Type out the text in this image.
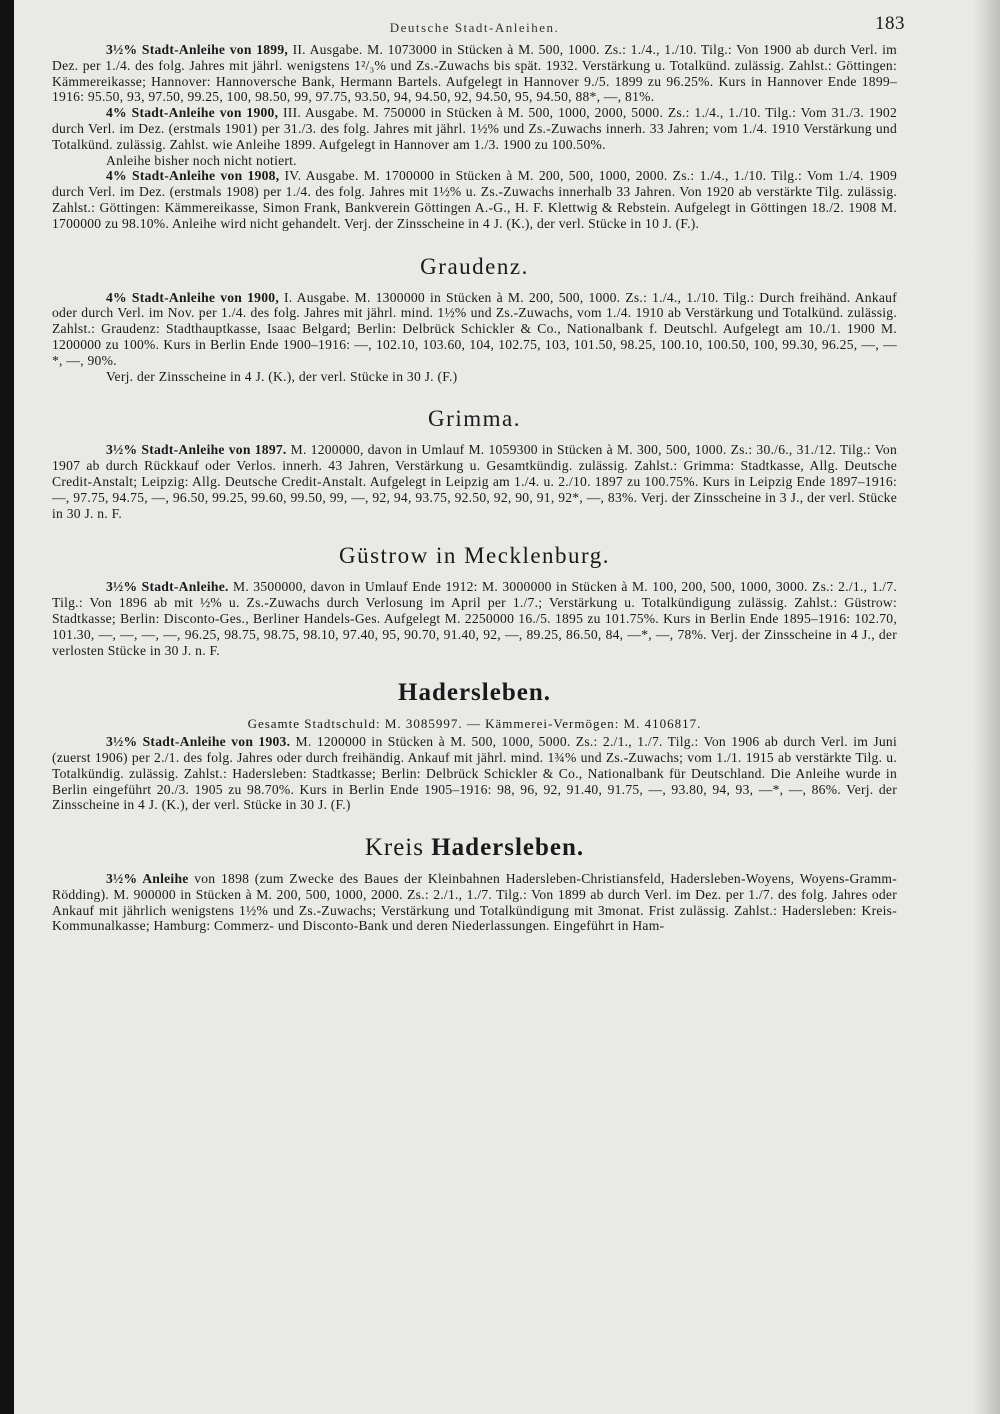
Deutsche Stadt-Anleihen.	183

3½% Stadt-Anleihe von 1899, II. Ausgabe. M. 1073000 in Stücken à M. 500, 1000. Zs.: 1./4., 1./10. Tilg.: Von 1900 ab durch Verl. im Dez. per 1./4. des folg. Jahres mit jährl. wenigstens 1²/₃% und Zs.-Zuwachs bis spät. 1932. Verstärkung u. Totalkünd. zulässig. Zahlst.: Göttingen: Kämmereikasse; Hannover: Hannoversche Bank, Hermann Bartels. Aufgelegt in Hannover 9./5. 1899 zu 96.25%. Kurs in Hannover Ende 1899–1916: 95.50, 93, 97.50, 99.25, 100, 98.50, 99, 97.75, 93.50, 94, 94.50, 92, 94.50, 95, 94.50, 88*, —, 81%.

4% Stadt-Anleihe von 1900, III. Ausgabe. M. 750000 in Stücken à M. 500, 1000, 2000, 5000. Zs.: 1./4., 1./10. Tilg.: Vom 31./3. 1902 durch Verl. im Dez. (erstmals 1901) per 31./3. des folg. Jahres mit jährl. 1½% und Zs.-Zuwachs innerh. 33 Jahren; vom 1./4. 1910 Verstärkung und Totalkünd. zulässig. Zahlst. wie Anleihe 1899. Aufgelegt in Hannover am 1./3. 1900 zu 100.50%.

Anleihe bisher noch nicht notiert.

4% Stadt-Anleihe von 1908, IV. Ausgabe. M. 1700000 in Stücken à M. 200, 500, 1000, 2000. Zs.: 1./4., 1./10. Tilg.: Vom 1./4. 1909 durch Verl. im Dez. (erstmals 1908) per 1./4. des folg. Jahres mit 1½% u. Zs.-Zuwachs innerhalb 33 Jahren. Von 1920 ab verstärkte Tilg. zulässig. Zahlst.: Göttingen: Kämmereikasse, Simon Frank, Bankverein Göttingen A.-G., H. F. Klettwig & Rebstein. Aufgelegt in Göttingen 18./2. 1908 M. 1700000 zu 98.10%. Anleihe wird nicht gehandelt. Verj. der Zinsscheine in 4 J. (K.), der verl. Stücke in 10 J. (F.).

Graudenz.

4% Stadt-Anleihe von 1900, I. Ausgabe. M. 1300000 in Stücken à M. 200, 500, 1000. Zs.: 1./4., 1./10. Tilg.: Durch freihänd. Ankauf oder durch Verl. im Nov. per 1./4. des folg. Jahres mit jährl. mind. 1½% und Zs.-Zuwachs, vom 1./4. 1910 ab Verstärkung und Totalkünd. zulässig. Zahlst.: Graudenz: Stadthauptkasse, Isaac Belgard; Berlin: Delbrück Schickler & Co., Nationalbank f. Deutschl. Aufgelegt am 10./1. 1900 M. 1200000 zu 100%. Kurs in Berlin Ende 1900–1916: —, 102.10, 103.60, 104, 102.75, 103, 101.50, 98.25, 100.10, 100.50, 100, 99.30, 96.25, —, —*, —, 90%.

Verj. der Zinsscheine in 4 J. (K.), der verl. Stücke in 30 J. (F.)

Grimma.

3½% Stadt-Anleihe von 1897. M. 1200000, davon in Umlauf M. 1059300 in Stücken à M. 300, 500, 1000. Zs.: 30./6., 31./12. Tilg.: Von 1907 ab durch Rückkauf oder Verlos. innerh. 43 Jahren, Verstärkung u. Gesamtkündig. zulässig. Zahlst.: Grimma: Stadtkasse, Allg. Deutsche Credit-Anstalt; Leipzig: Allg. Deutsche Credit-Anstalt. Aufgelegt in Leipzig am 1./4. u. 2./10. 1897 zu 100.75%. Kurs in Leipzig Ende 1897–1916: —, 97.75, 94.75, —, 96.50, 99.25, 99.60, 99.50, 99, —, 92, 94, 93.75, 92.50, 92, 90, 91, 92*, —, 83%. Verj. der Zinsscheine in 3 J., der verl. Stücke in 30 J. n. F.

Güstrow in Mecklenburg.

3½% Stadt-Anleihe. M. 3500000, davon in Umlauf Ende 1912: M. 3000000 in Stücken à M. 100, 200, 500, 1000, 3000. Zs.: 2./1., 1./7. Tilg.: Von 1896 ab mit ½% u. Zs.-Zuwachs durch Verlosung im April per 1./7.; Verstärkung u. Totalkündigung zulässig. Zahlst.: Güstrow: Stadtkasse; Berlin: Disconto-Ges., Berliner Handels-Ges. Aufgelegt M. 2250000 16./5. 1895 zu 101.75%. Kurs in Berlin Ende 1895–1916: 102.70, 101.30, —, —, —, —, 96.25, 98.75, 98.75, 98.10, 97.40, 95, 90.70, 91.40, 92, —, 89.25, 86.50, 84, —*, —, 78%. Verj. der Zinsscheine in 4 J., der verlosten Stücke in 30 J. n. F.

Hadersleben.
Gesamte Stadtschuld: M. 3085997. — Kämmerei-Vermögen: M. 4106817.

3½% Stadt-Anleihe von 1903. M. 1200000 in Stücken à M. 500, 1000, 5000. Zs.: 2./1., 1./7. Tilg.: Von 1906 ab durch Verl. im Juni (zuerst 1906) per 2./1. des folg. Jahres oder durch freihändig. Ankauf mit jährl. mind. 1¾% und Zs.-Zuwachs; vom 1./1. 1915 ab verstärkte Tilg. u. Totalkündig. zulässig. Zahlst.: Hadersleben: Stadtkasse; Berlin: Delbrück Schickler & Co., Nationalbank für Deutschland. Die Anleihe wurde in Berlin eingeführt 20./3. 1905 zu 98.70%. Kurs in Berlin Ende 1905–1916: 98, 96, 92, 91.40, 91.75, —, 93.80, 94, 93, —*, —, 86%. Verj. der Zinsscheine in 4 J. (K.), der verl. Stücke in 30 J. (F.)

Kreis Hadersleben.

3½% Anleihe von 1898 (zum Zwecke des Baues der Kleinbahnen Hadersleben-Christiansfeld, Hadersleben-Woyens, Woyens-Gramm-Rödding). M. 900000 in Stücken à M. 200, 500, 1000, 2000. Zs.: 2./1., 1./7. Tilg.: Von 1899 ab durch Verl. im Dez. per 1./7. des folg. Jahres oder Ankauf mit jährlich wenigstens 1½% und Zs.-Zuwachs; Verstärkung und Totalkündigung mit 3monat. Frist zulässig. Zahlst.: Hadersleben: Kreis-Kommunalkasse; Hamburg: Commerz- und Disconto-Bank und deren Niederlassungen. Eingeführt in Ham-
